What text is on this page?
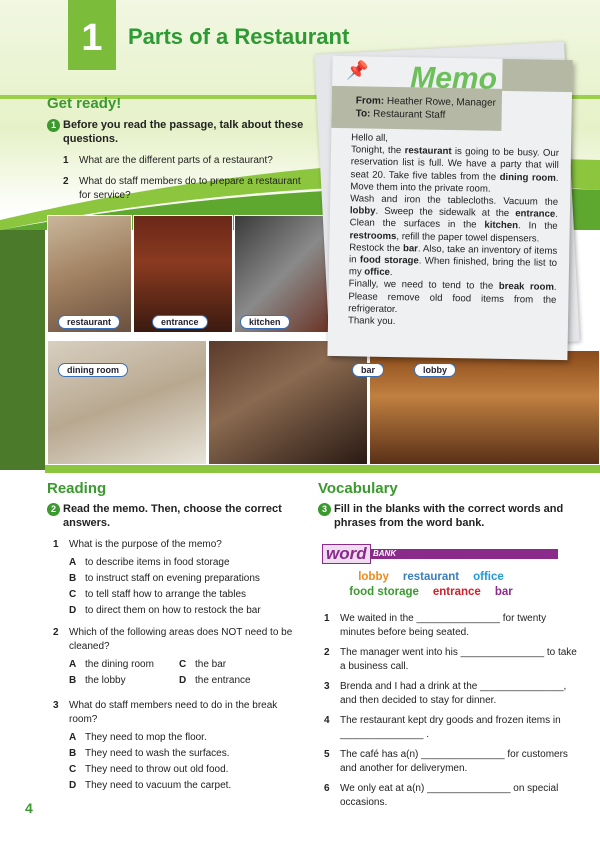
1	Parts of a Restaurant
Get ready!
1 Before you read the passage, talk about these questions.
1 What are the different parts of a restaurant?
2 What do staff members do to prepare a restaurant for service?
restaurant	entrance	kitchen
dining room	bar	lobby
📌 Memo
From: Heather Rowe, Manager
To: Restaurant Staff
Hello all,
Tonight, the restaurant is going to be busy. Our reservation list is full. We have a party that will seat 20. Take five tables from the dining room. Move them into the private room.
Wash and iron the tablecloths. Vacuum the lobby. Sweep the sidewalk at the entrance. Clean the surfaces in the kitchen. In the restrooms, refill the paper towel dispensers.
Restock the bar. Also, take an inventory of items in food storage. When finished, bring the list to my office.
Finally, we need to tend to the break room. Please remove old food items from the refrigerator.
Thank you.
Reading
2 Read the memo. Then, choose the correct answers.
1 What is the purpose of the memo?
A to describe items in food storage
B to instruct staff on evening preparations
C to tell staff how to arrange the tables
D to direct them on how to restock the bar
2 Which of the following areas does NOT need to be cleaned?
A the dining room	C the bar
B the lobby	D the entrance
3 What do staff members need to do in the break room?
A They need to mop the floor.
B They need to wash the surfaces.
C They need to throw out old food.
D They need to vacuum the carpet.
Vocabulary
3 Fill in the blanks with the correct words and phrases from the word bank.
word BANK
lobby restaurant office
food storage entrance bar
1 We waited in the _______________ for twenty minutes before being seated.
2 The manager went into his _______________ to take a business call.
3 Brenda and I had a drink at the _______________, and then decided to stay for dinner.
4 The restaurant kept dry goods and frozen items in _______________ .
5 The café has a(n) _______________ for customers and another for deliverymen.
6 We only eat at a(n) _______________ on special occasions.
4
